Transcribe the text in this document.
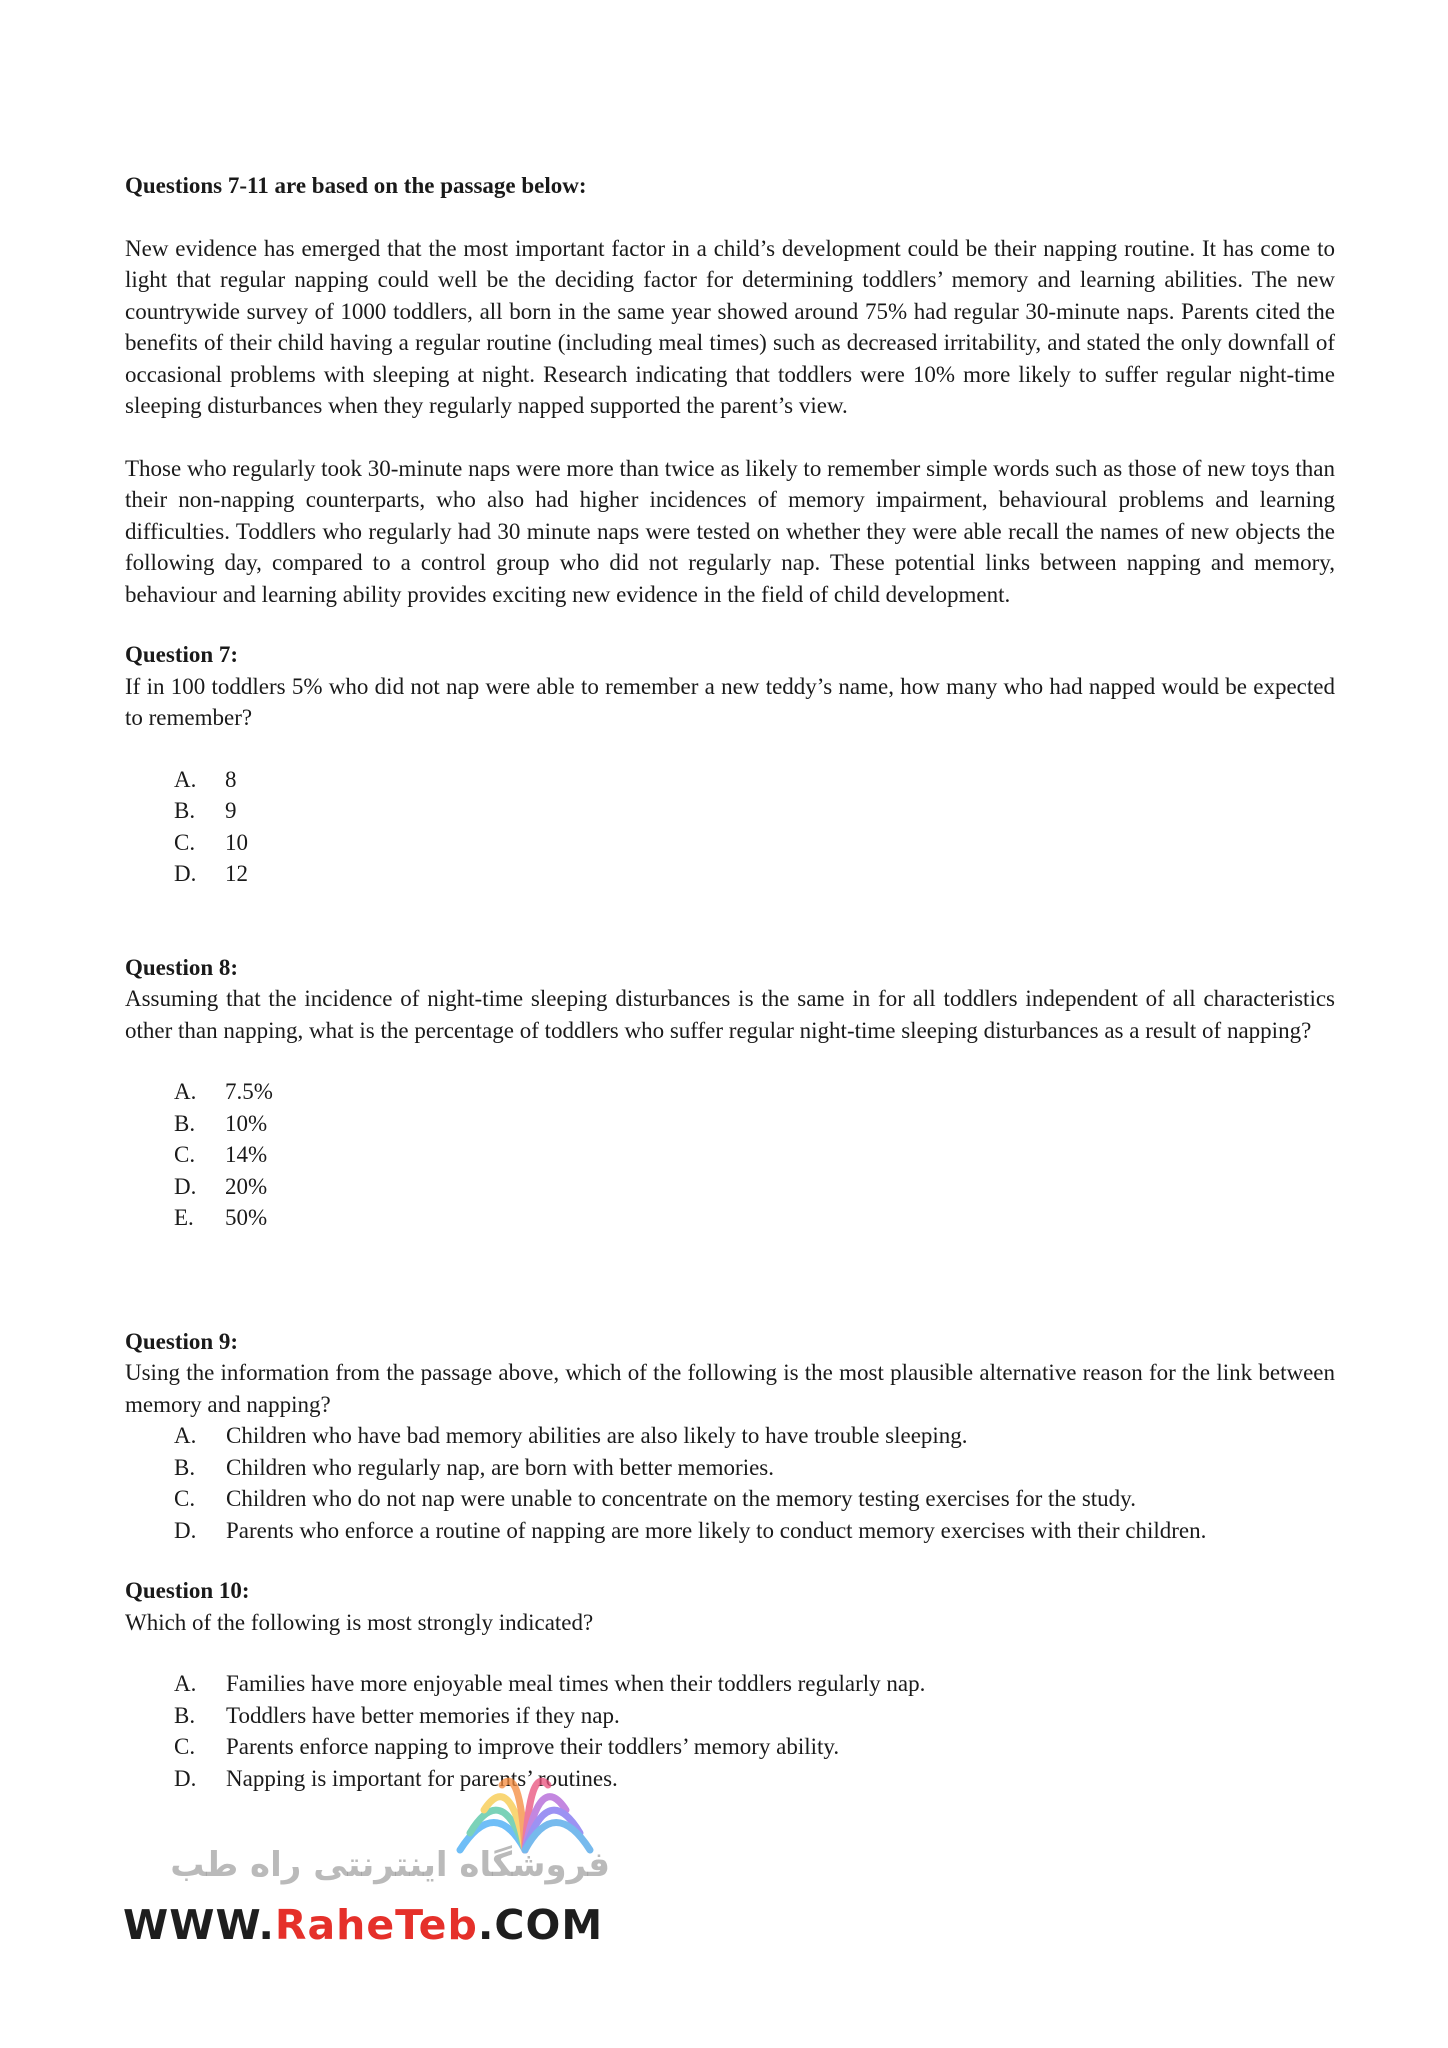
Questions 7-11 are based on the passage below:

New evidence has emerged that the most important factor in a child’s development could be their napping routine. It has come to light that regular napping could well be the deciding factor for determining toddlers’ memory and learning abilities. The new countrywide survey of 1000 toddlers, all born in the same year showed around 75% had regular 30-minute naps. Parents cited the benefits of their child having a regular routine (including meal times) such as decreased irritability, and stated the only downfall of occasional problems with sleeping at night. Research indicating that toddlers were 10% more likely to suffer regular night-time sleeping disturbances when they regularly napped supported the parent’s view.

Those who regularly took 30-minute naps were more than twice as likely to remember simple words such as those of new toys than their non-napping counterparts, who also had higher incidences of memory impairment, behavioural problems and learning difficulties. Toddlers who regularly had 30 minute naps were tested on whether they were able recall the names of new objects the following day, compared to a control group who did not regularly nap. These potential links between napping and memory, behaviour and learning ability provides exciting new evidence in the field of child development.

Question 7:

If in 100 toddlers 5% who did not nap were able to remember a new teddy’s name, how many who had napped would be expected to remember?

A.	8
B.	9
C.	10
D.	12

Question 8:

Assuming that the incidence of night-time sleeping disturbances is the same in for all toddlers independent of all characteristics other than napping, what is the percentage of toddlers who suffer regular night-time sleeping disturbances as a result of napping?

A.	7.5%
B.	10%
C.	14%
D.	20%
E.	50%

Question 9:

Using the information from the passage above, which of the following is the most plausible alternative reason for the link between memory and napping?

A.	Children who have bad memory abilities are also likely to have trouble sleeping.
B.	Children who regularly nap, are born with better memories.
C.	Children who do not nap were unable to concentrate on the memory testing exercises for the study.
D.	Parents who enforce a routine of napping are more likely to conduct memory exercises with their children.

Question 10:

Which of the following is most strongly indicated?

A.	Families have more enjoyable meal times when their toddlers regularly nap.
B.	Toddlers have better memories if they nap.
C.	Parents enforce napping to improve their toddlers’ memory ability.
D.	Napping is important for parents’ routines.
فروشگاه اینترنتی راه طب
WWW.RaheTeb.COM
